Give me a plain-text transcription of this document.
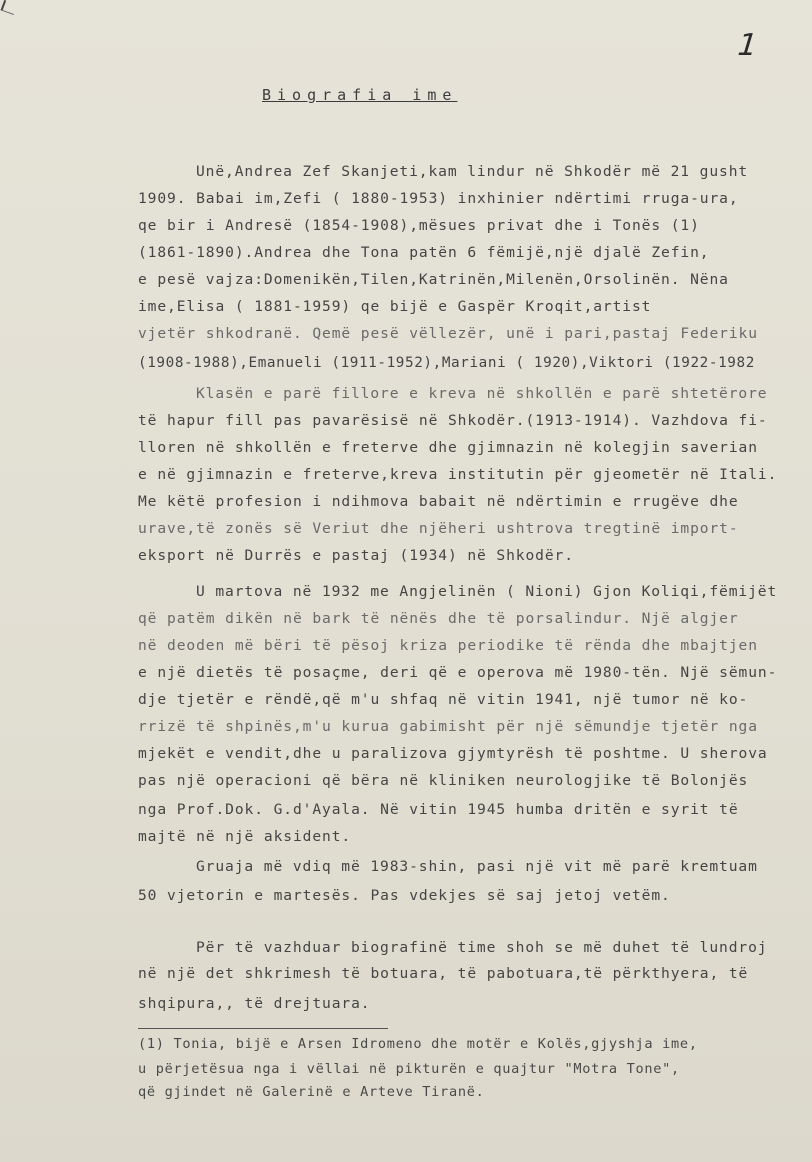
1
Biografia ime
Unë,Andrea Zef Skanjeti,kam lindur në Shkodër më 21 gusht
1909. Babai im,Zefi ( 1880-1953) inxhinier ndërtimi rruga-ura,
qe bir i Andresë (1854-1908),mësues privat dhe i Tonës (1)
(1861-1890).Andrea dhe Tona patën 6 fëmijë,një djalë Zefin,
e pesë vajza:Domenikën,Tilen,Katrinën,Milenën,Orsolinën. Nëna
ime,Elisa ( 1881-1959) qe bijë e Gaspër Kroqit,artist
vjetër shkodranë. Qemë pesë vëllezër, unë i pari,pastaj Federiku
(1908-1988),Emanueli (1911-1952),Mariani ( 1920),Viktori (1922-1982
Klasën e parë fillore e kreva në shkollën e parë shtetërore
të hapur fill pas pavarësisë në Shkodër.(1913-1914). Vazhdova fi-
lloren në shkollën e freterve dhe gjimnazin në kolegjin saverian
e në gjimnazin e freterve,kreva institutin për gjeometër në Itali.
Me këtë profesion i ndihmova babait në ndërtimin e rrugëve dhe
urave,të zonës së Veriut dhe njëheri ushtrova tregtinë import-
eksport në Durrës e pastaj (1934) në Shkodër.
U martova në 1932 me Angjelinën ( Nioni) Gjon Koliqi,fëmijët
që patëm dikën në bark të nënës dhe të porsalindur. Një algjer
në deoden më bëri të pësoj kriza periodike të rënda dhe mbajtjen
e një dietës të posaçme, deri që e operova më 1980-tën. Një sëmun-
dje tjetër e rëndë,që m'u shfaq në vitin 1941, një tumor në ko-
rrizë të shpinës,m'u kurua gabimisht për një sëmundje tjetër nga
mjekët e vendit,dhe u paralizova gjymtyrësh të poshtme. U sherova
pas një operacioni që bëra në kliniken neurologjike të Bolonjës
nga Prof.Dok. G.d'Ayala. Në vitin 1945 humba dritën e syrit të
majtë në një aksident.
Gruaja më vdiq më 1983-shin, pasi një vit më parë kremtuam
50 vjetorin e martesës. Pas vdekjes së saj jetoj vetëm.
Për të vazhduar biografinë time shoh se më duhet të lundroj
në një det shkrimesh të botuara, të pabotuara,të përkthyera, të
shqipura,, të drejtuara.
(1) Tonia, bijë e Arsen Idromeno dhe motër e Kolës,gjyshja ime,
u përjetësua nga i vëllai në pikturën e quajtur "Motra Tone",
që gjindet në Galerinë e Arteve Tiranë.
